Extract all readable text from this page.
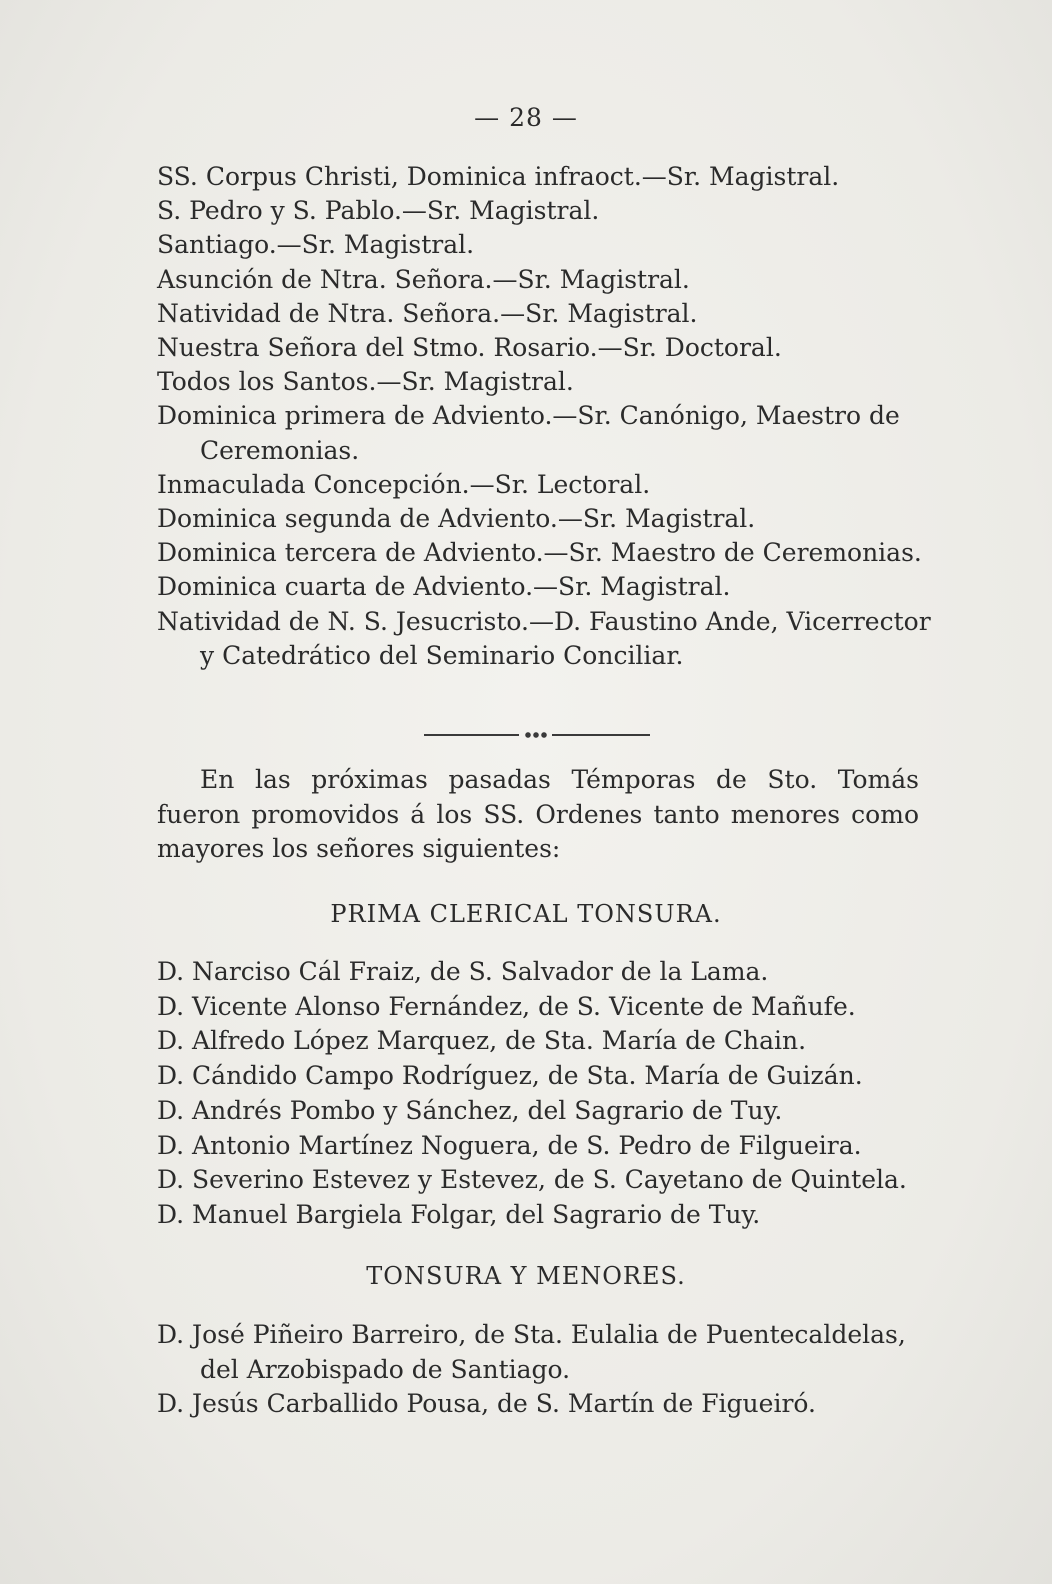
— 28 —
SS. Corpus Christi, Dominica infraoct.—Sr. Magistral.
S. Pedro y S. Pablo.—Sr. Magistral.
Santiago.—Sr. Magistral.
Asunción de Ntra. Señora.—Sr. Magistral.
Natividad de Ntra. Señora.—Sr. Magistral.
Nuestra Señora del Stmo. Rosario.—Sr. Doctoral.
Todos los Santos.—Sr. Magistral.
Dominica primera de Adviento.—Sr. Canónigo, Maestro de Ceremonias.
Inmaculada Concepción.—Sr. Lectoral.
Dominica segunda de Adviento.—Sr. Magistral.
Dominica tercera de Adviento.—Sr. Maestro de Ceremonias.
Dominica cuarta de Adviento.—Sr. Magistral.
Natividad de N. S. Jesucristo.—D. Faustino Ande, Vicerrector y Catedrático del Seminario Conciliar.
En las próximas pasadas Témporas de Sto. Tomás fueron promovidos á los SS. Ordenes tanto menores como mayores los señores siguientes:
PRIMA CLERICAL TONSURA.
D. Narciso Cál Fraiz, de S. Salvador de la Lama.
D. Vicente Alonso Fernández, de S. Vicente de Mañufe.
D. Alfredo López Marquez, de Sta. María de Chain.
D. Cándido Campo Rodríguez, de Sta. María de Guizán.
D. Andrés Pombo y Sánchez, del Sagrario de Tuy.
D. Antonio Martínez Noguera, de S. Pedro de Filgueira.
D. Severino Estevez y Estevez, de S. Cayetano de Quintela.
D. Manuel Bargiela Folgar, del Sagrario de Tuy.
TONSURA Y MENORES.
D. José Piñeiro Barreiro, de Sta. Eulalia de Puentecaldelas, del Arzobispado de Santiago.
D. Jesús Carballido Pousa, de S. Martín de Figueiró.
